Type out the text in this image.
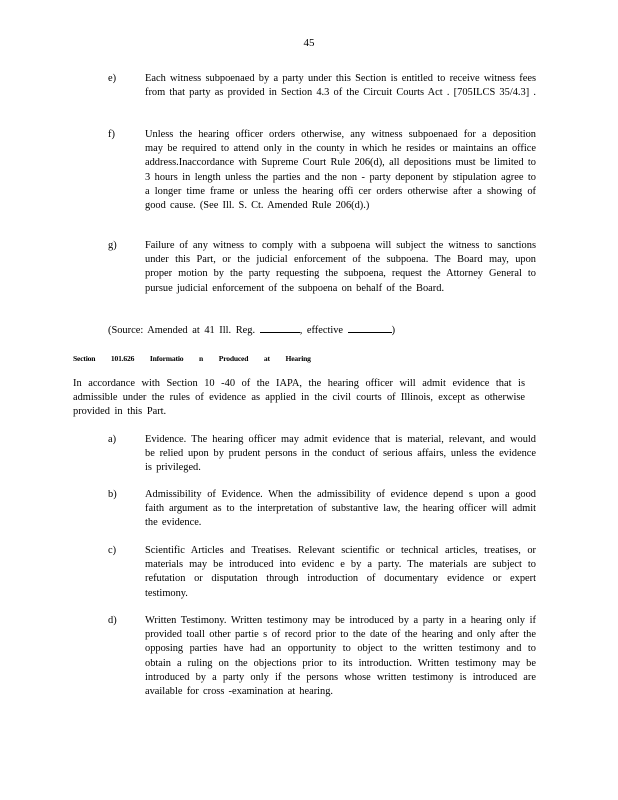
45
e)	Each witness subpoenaed by a party under this Section is entitled to receive witness fees from that party as provided in Section 4.3 of the Circuit Courts Act . [705ILCS 35/4.3] .
f)	Unless the hearing officer orders otherwise, any witness subpoenaed for a deposition may be required to attend only in the county in which he resides or maintains an office address.Inaccordance with Supreme Court Rule 206(d), all depositions must be limited to 3 hours in length unless the parties and the non - party deponent by stipulation agree to a longer time frame or unless the hearing offi cer orders otherwise after a showing of good cause. (See Ill. S. Ct. Amended Rule 206(d).)
g)	Failure of any witness to comply with a subpoena will subject the witness to sanctions under this Part, or the judicial enforcement of the subpoena. The Board may, upon proper motion by the party requesting the subpoena, request the Attorney General to pursue judicial enforcement of the subpoena on behalf of the Board.
(Source: Amended at 41 Ill. Reg.	, effective	)
Section 101.626 Informatio n Produced at Hearing
In accordance with Section 10 -40 of the IAPA, the hearing officer will admit evidence that is admissible under the rules of evidence as applied in the civil courts of Illinois, except as otherwise provided in this Part.
a)	Evidence. The hearing officer may admit evidence that is material, relevant, and would be relied upon by prudent persons in the conduct of serious affairs, unless the evidence is privileged.
b)	Admissibility of Evidence. When the admissibility of evidence depend s upon a good faith argument as to the interpretation of substantive law, the hearing officer will admit the evidence.
c)	Scientific Articles and Treatises. Relevant scientific or technical articles, treatises, or materials may be introduced into evidenc e by a party. The materials are subject to refutation or disputation through introduction of documentary evidence or expert testimony.
d)	Written Testimony. Written testimony may be introduced by a party in a hearing only if provided toall other partie s of record prior to the date of the hearing and only after the opposing parties have had an opportunity to object to the written testimony and to obtain a ruling on the objections prior to its introduction. Written testimony may be introduced by a party only if the persons whose written testimony is introduced are available for cross -examination at hearing.
